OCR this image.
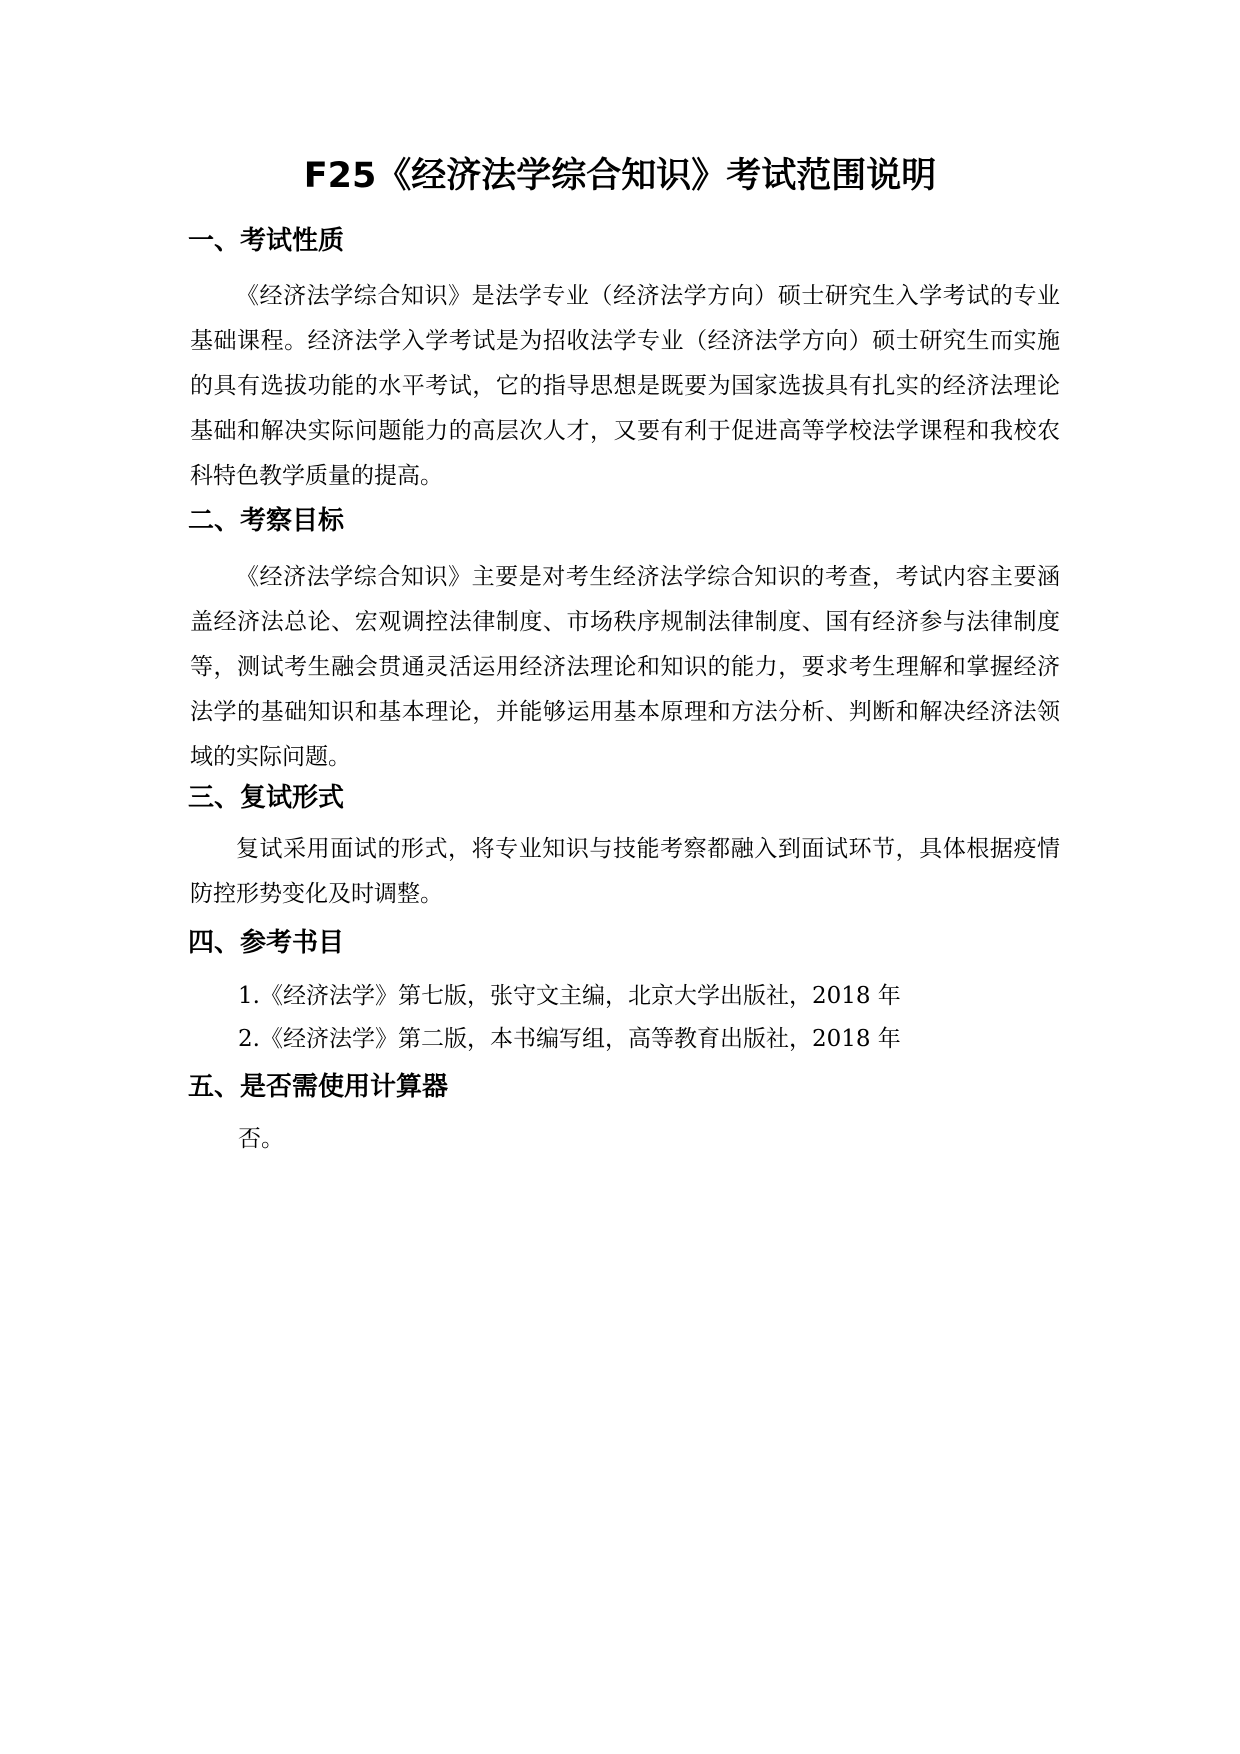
F25《经济法学综合知识》考试范围说明
一、考试性质

《经济法学综合知识》是法学专业（经济法学方向）硕士研究生入学考试的专业基础课程。经济法学入学考试是为招收法学专业（经济法学方向）硕士研究生而实施的具有选拔功能的水平考试，它的指导思想是既要为国家选拔具有扎实的经济法理论基础和解决实际问题能力的高层次人才，又要有利于促进高等学校法学课程和我校农科特色教学质量的提高。

二、考察目标

《经济法学综合知识》主要是对考生经济法学综合知识的考查，考试内容主要涵盖经济法总论、宏观调控法律制度、市场秩序规制法律制度、国有经济参与法律制度等，测试考生融会贯通灵活运用经济法理论和知识的能力，要求考生理解和掌握经济法学的基础知识和基本理论，并能够运用基本原理和方法分析、判断和解决经济法领域的实际问题。

三、复试形式

复试采用面试的形式，将专业知识与技能考察都融入到面试环节，具体根据疫情防控形势变化及时调整。

四、参考书目

1.《经济法学》第七版，张守文主编，北京大学出版社，2018 年

2.《经济法学》第二版，本书编写组，高等教育出版社，2018 年

五、是否需使用计算器

否。
